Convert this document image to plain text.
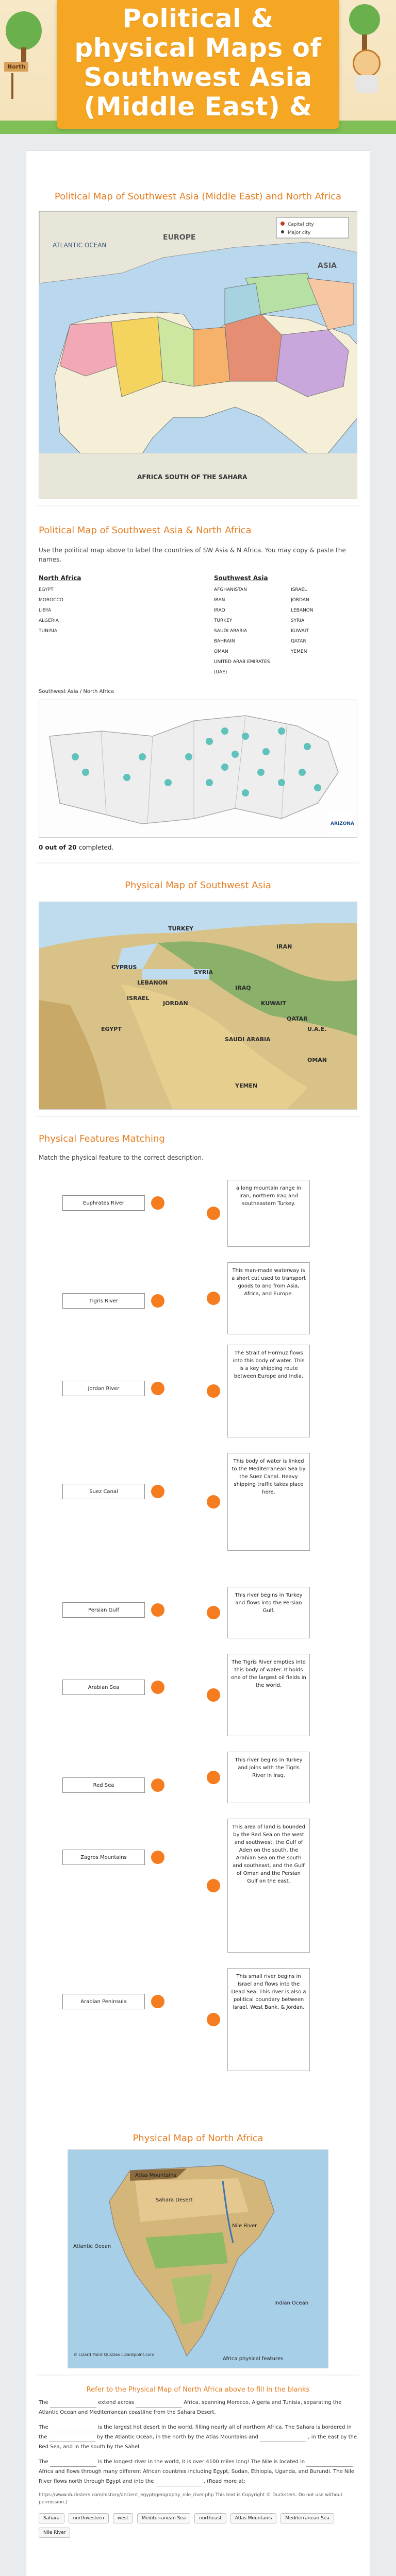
North
Political &
physical Maps of
Southwest Asia
(Middle East) &
Political Map of Southwest Asia (Middle East) and North Africa
ATLANTIC OCEAN
EUROPE
ASIA
AFRICA SOUTH OF THE SAHARA
Capital city
Major city
Political Map of Southwest Asia & North Africa
Use the political map above to label the countries of SW Asia & N Africa. You may copy & paste the names.
North Africa
EGYPT
MOROCCO
LIBYA
ALGERIA
TUNISIA
Southwest Asia
AFGHANISTAN
IRAN
IRAQ
TURKEY
SAUDI ARABIA
BAHRAIN
OMAN
UNITED ARAB EMIRATES (UAE)
ISRAEL
JORDAN
LEBANON
SYRIA
KUWAIT
QATAR
YEMEN
Southwest Asia / North Africa
ARIZONA
0 out of 20 completed.
Physical Map of Southwest Asia
TURKEY
IRAN
SYRIA
IRAQ
SAUDI ARABIA
EGYPT
YEMEN
OMAN
JORDAN
ISRAEL
CYPRUS
LEBANON
KUWAIT
QATAR
U.A.E.
Physical Features Matching
Match the physical feature to the correct description.
Euphrates River
Tigris River
Jordan River
Suez Canal
Persian Gulf
Arabian Sea
Red Sea
Zagros Mountains
Arabian Peninsula
a long mountain range in Iran, northern Iraq and southeastern Turkey.
This man-made waterway is a short cut used to transport goods to and from Asia, Africa, and Europe.
The Strait of Hormuz flows into this body of water. This is a key shipping route between Europe and India.
This body of water is linked to the Mediterranean Sea by the Suez Canal. Heavy shipping traffic takes place here.
This river begins in Turkey and flows into the Persian Gulf.
The Tigris River empties into this body of water. It holds one of the largest oil fields in the world.
This river begins in Turkey and joins with the Tigris River in Iraq.
This area of land is bounded by the Red Sea on the west and southwest, the Gulf of Aden on the south, the Arabian Sea on the south and southeast, and the Gulf of Oman and the Persian Gulf on the east.
This small river begins in Israel and flows into the Dead Sea. This river is also a political boundary between Israel, West Bank, & Jordan.
Physical Map of North Africa
Atlas Mountains
Sahara Desert
Nile River
Atlantic Ocean
Indian Ocean
Africa physical features
© Lizard Point Quizzes Lizardpoint.com
Refer to the Physical Map of North Africa above to fill in the blanks
The	extend across	Africa, spanning Morocco, Algeria and Tunisia, separating the Atlantic Ocean and Mediterranean coastline from the Sahara Desert.
The	is the largest hot desert in the world, filling nearly all of northern Africa. The Sahara is bordered in the	by the Atlantic Ocean, in the north by the Atlas Mountains and	, in the east by the Red Sea, and in the south by the Sahel.
The	is the longest river in the world, it is over 4100 miles long! The Nile is located in  Africa and flows through many different African countries including Egypt, Sudan, Ethiopia, Uganda, and Burundi. The Nile River flows north through Egypt and into the	. (Read more at:
https://www.ducksters.com/history/ancient_egypt/geography_nile_river.php This text is Copyright © Ducksters. Do not use without permission.)
Sahara	northwestern	west	Mediterranean Sea	northeast	Atlas Mountains	Mediterranean Sea
Nile River
